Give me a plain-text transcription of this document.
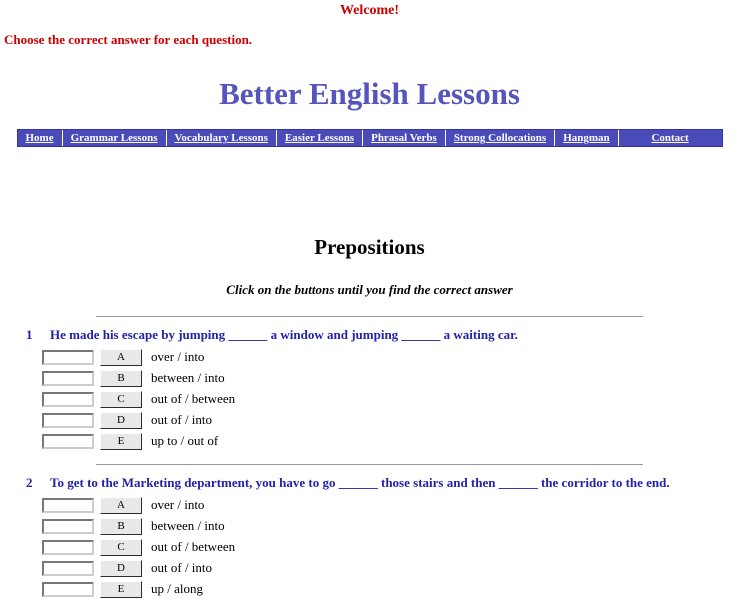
Welcome!
Choose the correct answer for each question.
Better English Lessons
Home	Grammar Lessons	Vocabulary Lessons	Easier Lessons	Phrasal Verbs	Strong Collocations	Hangman	Contact
Prepositions
Click on the buttons until you find the correct answer
1	He made his escape by jumping ______ a window and jumping ______ a waiting car.
A	over / into
B	between / into
C	out of / between
D	out of / into
E	up to / out of
2	To get to the Marketing department, you have to go ______ those stairs and then ______ the corridor to the end.
A	over / into
B	between / into
C	out of / between
D	out of / into
E	up / along
